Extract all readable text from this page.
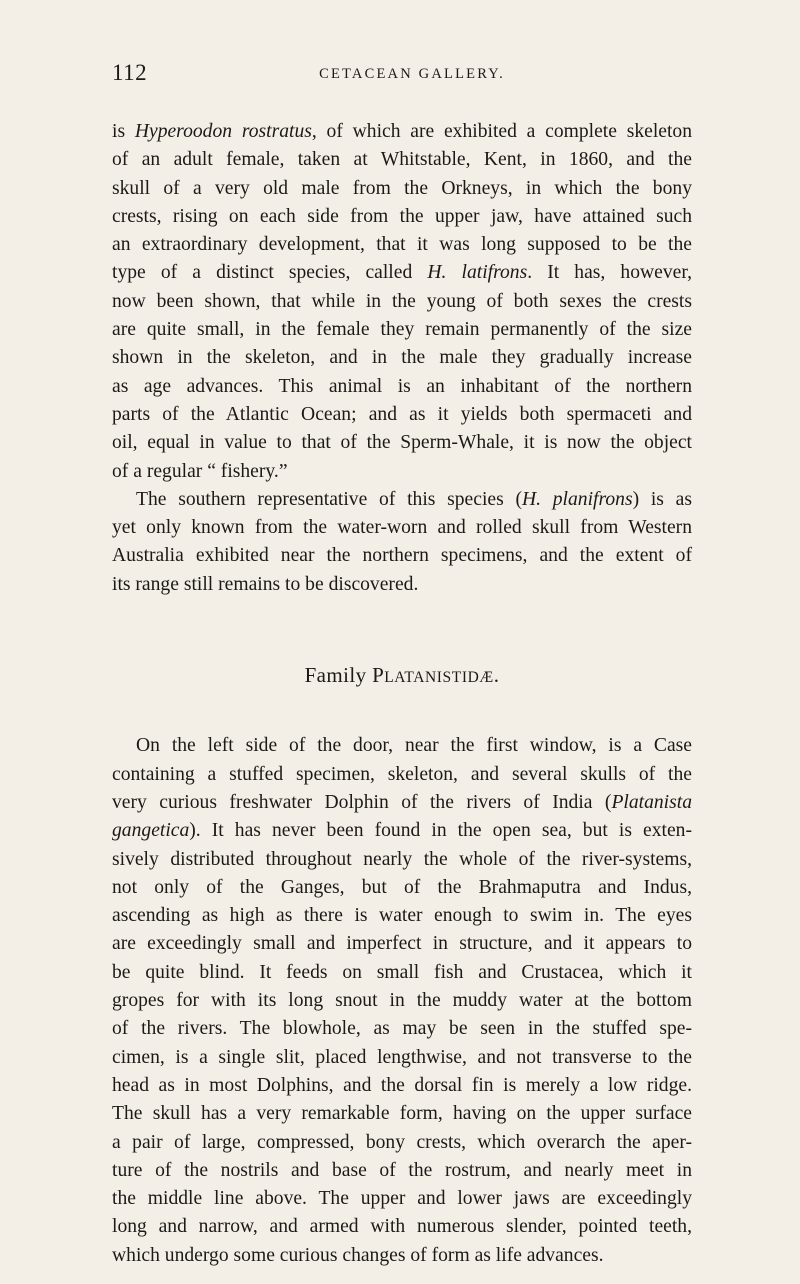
112	CETACEAN GALLERY.
is Hyperoodon rostratus, of which are exhibited a complete skeleton
of an adult female, taken at Whitstable, Kent, in 1860, and the
skull of a very old male from the Orkneys, in which the bony
crests, rising on each side from the upper jaw, have attained such
an extraordinary development, that it was long supposed to be the
type of a distinct species, called H. latifrons. It has, however,
now been shown, that while in the young of both sexes the crests
are quite small, in the female they remain permanently of the size
shown in the skeleton, and in the male they gradually increase
as age advances. This animal is an inhabitant of the northern
parts of the Atlantic Ocean; and as it yields both spermaceti and
oil, equal in value to that of the Sperm-Whale, it is now the object
of a regular “ fishery.”
The southern representative of this species (H. planifrons) is as
yet only known from the water-worn and rolled skull from Western
Australia exhibited near the northern specimens, and the extent of
its range still remains to be discovered.
Family PLATANISTIDÆ.
On the left side of the door, near the first window, is a Case
containing a stuffed specimen, skeleton, and several skulls of the
very curious freshwater Dolphin of the rivers of India (Platanista
gangetica). It has never been found in the open sea, but is exten-
sively distributed throughout nearly the whole of the river-systems,
not only of the Ganges, but of the Brahmaputra and Indus,
ascending as high as there is water enough to swim in. The eyes
are exceedingly small and imperfect in structure, and it appears to
be quite blind. It feeds on small fish and Crustacea, which it
gropes for with its long snout in the muddy water at the bottom
of the rivers. The blowhole, as may be seen in the stuffed spe-
cimen, is a single slit, placed lengthwise, and not transverse to the
head as in most Dolphins, and the dorsal fin is merely a low ridge.
The skull has a very remarkable form, having on the upper surface
a pair of large, compressed, bony crests, which overarch the aper-
ture of the nostrils and base of the rostrum, and nearly meet in
the middle line above. The upper and lower jaws are exceedingly
long and narrow, and armed with numerous slender, pointed teeth,
which undergo some curious changes of form as life advances.
